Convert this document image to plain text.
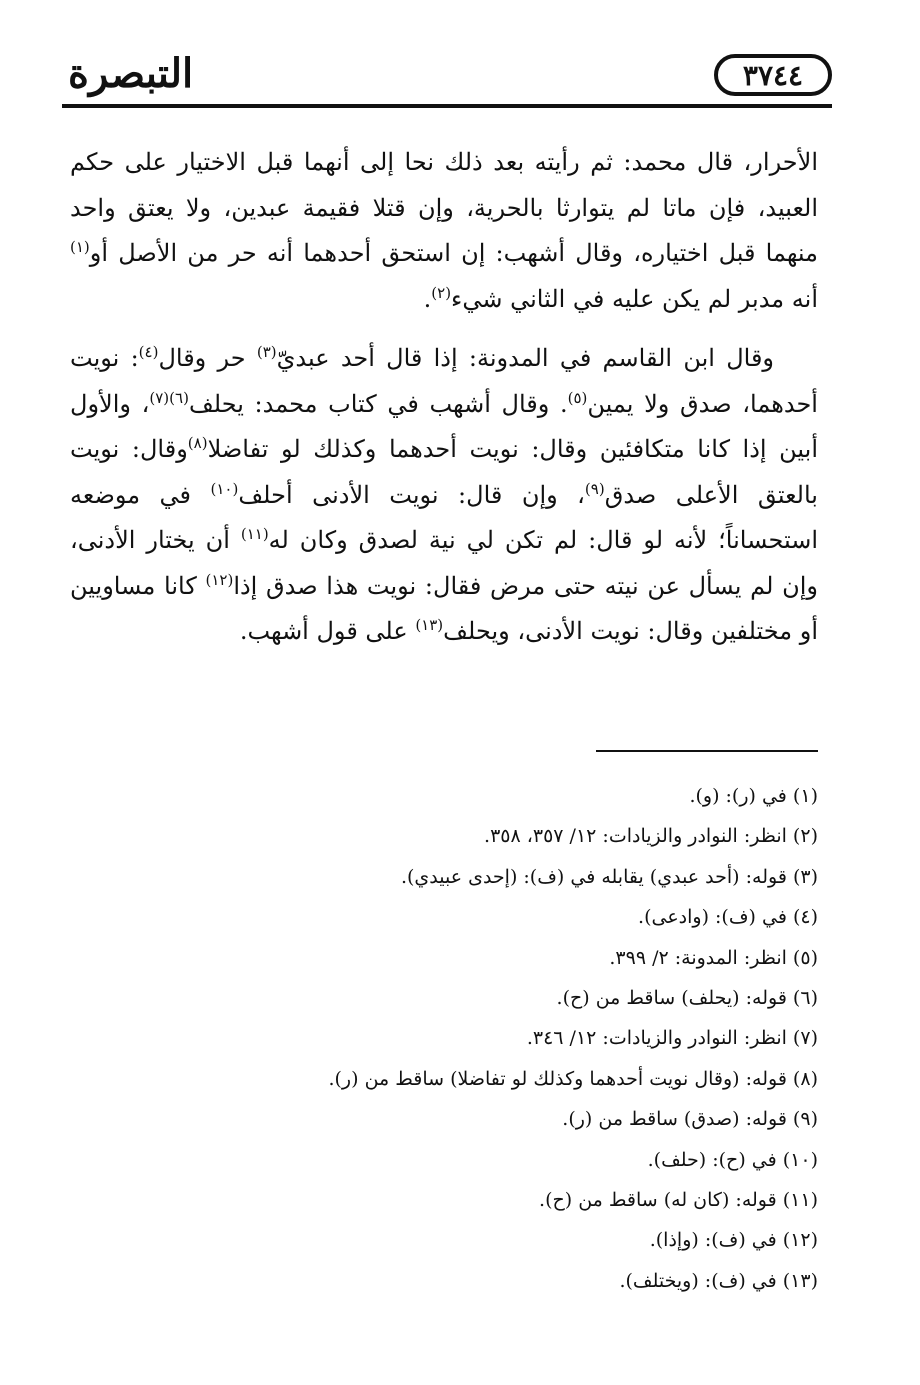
التبصرة	٣٧٤٤

الأحرار، قال محمد: ثم رأيته بعد ذلك نحا إلى أنهما قبل الاختيار على حكم العبيد، فإن ماتا لم يتوارثا بالحرية، وإن قتلا فقيمة عبدين، ولا يعتق واحد منهما قبل اختياره، وقال أشهب: إن استحق أحدهما أنه حر من الأصل أو$^{(١)}$ أنه مدبر لم يكن عليه في الثاني شيء$^{(٢)}$.

وقال ابن القاسم في المدونة: إذا قال أحد عبديّ$^{(٣)}$ حر وقال$^{(٤)}$: نويت أحدهما، صدق ولا يمين$^{(٥)}$. وقال أشهب في كتاب محمد: يحلف$^{(٦)(٧)}$، والأول أبين إذا كانا متكافئين وقال: نويت أحدهما وكذلك لو تفاضلا$^{(٨)}$وقال: نويت بالعتق الأعلى صدق$^{(٩)}$، وإن قال: نويت الأدنى أحلف$^{(١٠)}$ في موضعه استحساناً؛ لأنه لو قال: لم تكن لي نية لصدق وكان له$^{(١١)}$ أن يختار الأدنى، وإن لم يسأل عن نيته حتى مرض فقال: نويت هذا صدق إذا$^{(١٢)}$ كانا مساويين أو مختلفين وقال: نويت الأدنى، ويحلف$^{(١٣)}$ على قول أشهب.

(١) في (ر): (و).
(٢) انظر: النوادر والزيادات: ١٢/ ٣٥٧، ٣٥٨.
(٣) قوله: (أحد عبدي) يقابله في (ف): (إحدى عبيدي).
(٤) في (ف): (وادعى).
(٥) انظر: المدونة: ٢/ ٣٩٩.
(٦) قوله: (يحلف) ساقط من (ح).
(٧) انظر: النوادر والزيادات: ١٢/ ٣٤٦.
(٨) قوله: (وقال نويت أحدهما وكذلك لو تفاضلا) ساقط من (ر).
(٩) قوله: (صدق) ساقط من (ر).
(١٠) في (ح): (حلف).
(١١) قوله: (كان له) ساقط من (ح).
(١٢) في (ف): (وإذا).
(١٣) في (ف): (ويختلف).
